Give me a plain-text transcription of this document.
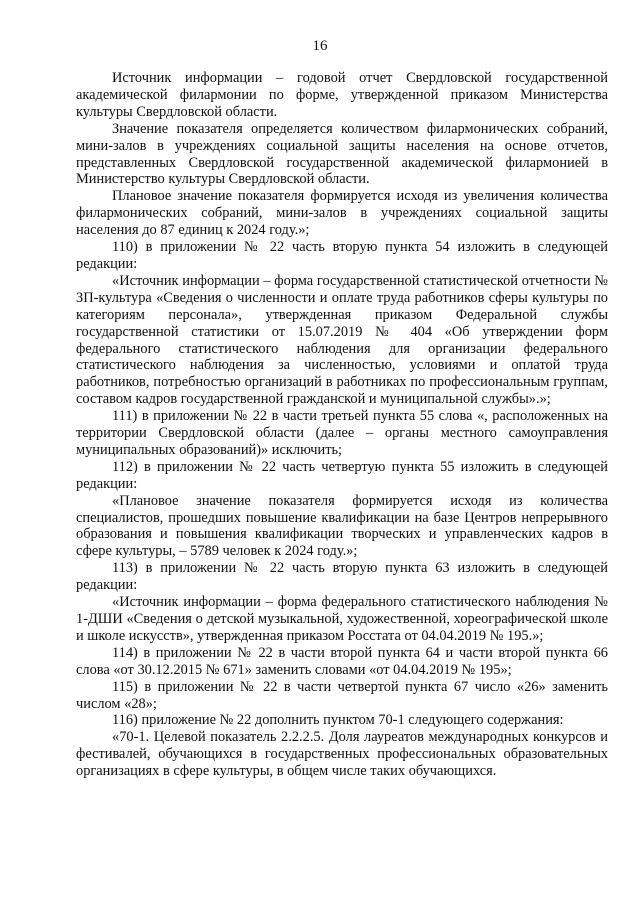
16

Источник информации – годовой отчет Свердловской государственной академической филармонии по форме, утвержденной приказом Министерства культуры Свердловской области.

Значение показателя определяется количеством филармонических собраний, мини-залов в учреждениях социальной защиты населения на основе отчетов, представленных Свердловской государственной академической филармонией в Министерство культуры Свердловской области.

Плановое значение показателя формируется исходя из увеличения количества филармонических собраний, мини-залов в учреждениях социальной защиты населения до 87 единиц к 2024 году.»;

110) в приложении № 22 часть вторую пункта 54 изложить в следующей редакции:

«Источник информации – форма государственной статистической отчетности № ЗП-культура «Сведения о численности и оплате труда работников сферы культуры по категориям персонала», утвержденная приказом Федеральной службы государственной статистики от 15.07.2019 № 404 «Об утверждении форм федерального статистического наблюдения для организации федерального статистического наблюдения за численностью, условиями и оплатой труда работников, потребностью организаций в работниках по профессиональным группам, составом кадров государственной гражданской и муниципальной службы».»;

111) в приложении № 22 в части третьей пункта 55 слова «, расположенных на территории Свердловской области (далее – органы местного самоуправления муниципальных образований)» исключить;

112) в приложении № 22 часть четвертую пункта 55 изложить в следующей редакции:

«Плановое значение показателя формируется исходя из количества специалистов, прошедших повышение квалификации на базе Центров непрерывного образования и повышения квалификации творческих и управленческих кадров в сфере культуры, – 5789 человек к 2024 году.»;

113) в приложении № 22 часть вторую пункта 63 изложить в следующей редакции:

«Источник информации – форма федерального статистического наблюдения № 1-ДШИ «Сведения о детской музыкальной, художественной, хореографической школе и школе искусств», утвержденная приказом Росстата от 04.04.2019 № 195.»;

114) в приложении № 22 в части второй пункта 64 и части второй пункта 66 слова «от 30.12.2015 № 671» заменить словами «от 04.04.2019 № 195»;

115) в приложении № 22 в части четвертой пункта 67 число «26» заменить числом «28»;

116) приложение № 22 дополнить пунктом 70-1 следующего содержания:

«70-1. Целевой показатель 2.2.2.5. Доля лауреатов международных конкурсов и фестивалей, обучающихся в государственных профессиональных образовательных организациях в сфере культуры, в общем числе таких обучающихся.
